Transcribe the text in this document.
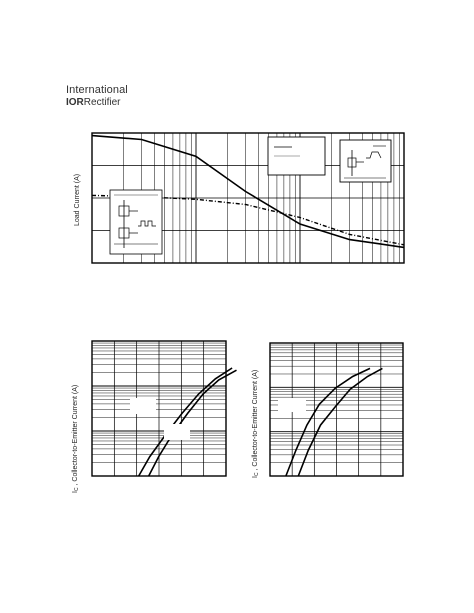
International
IORRectifier
Load Current (A)
$I_C$ , Collector-to-Emitter Current (A)	$I_C$ , Collector-to-Emitter Current (A)
